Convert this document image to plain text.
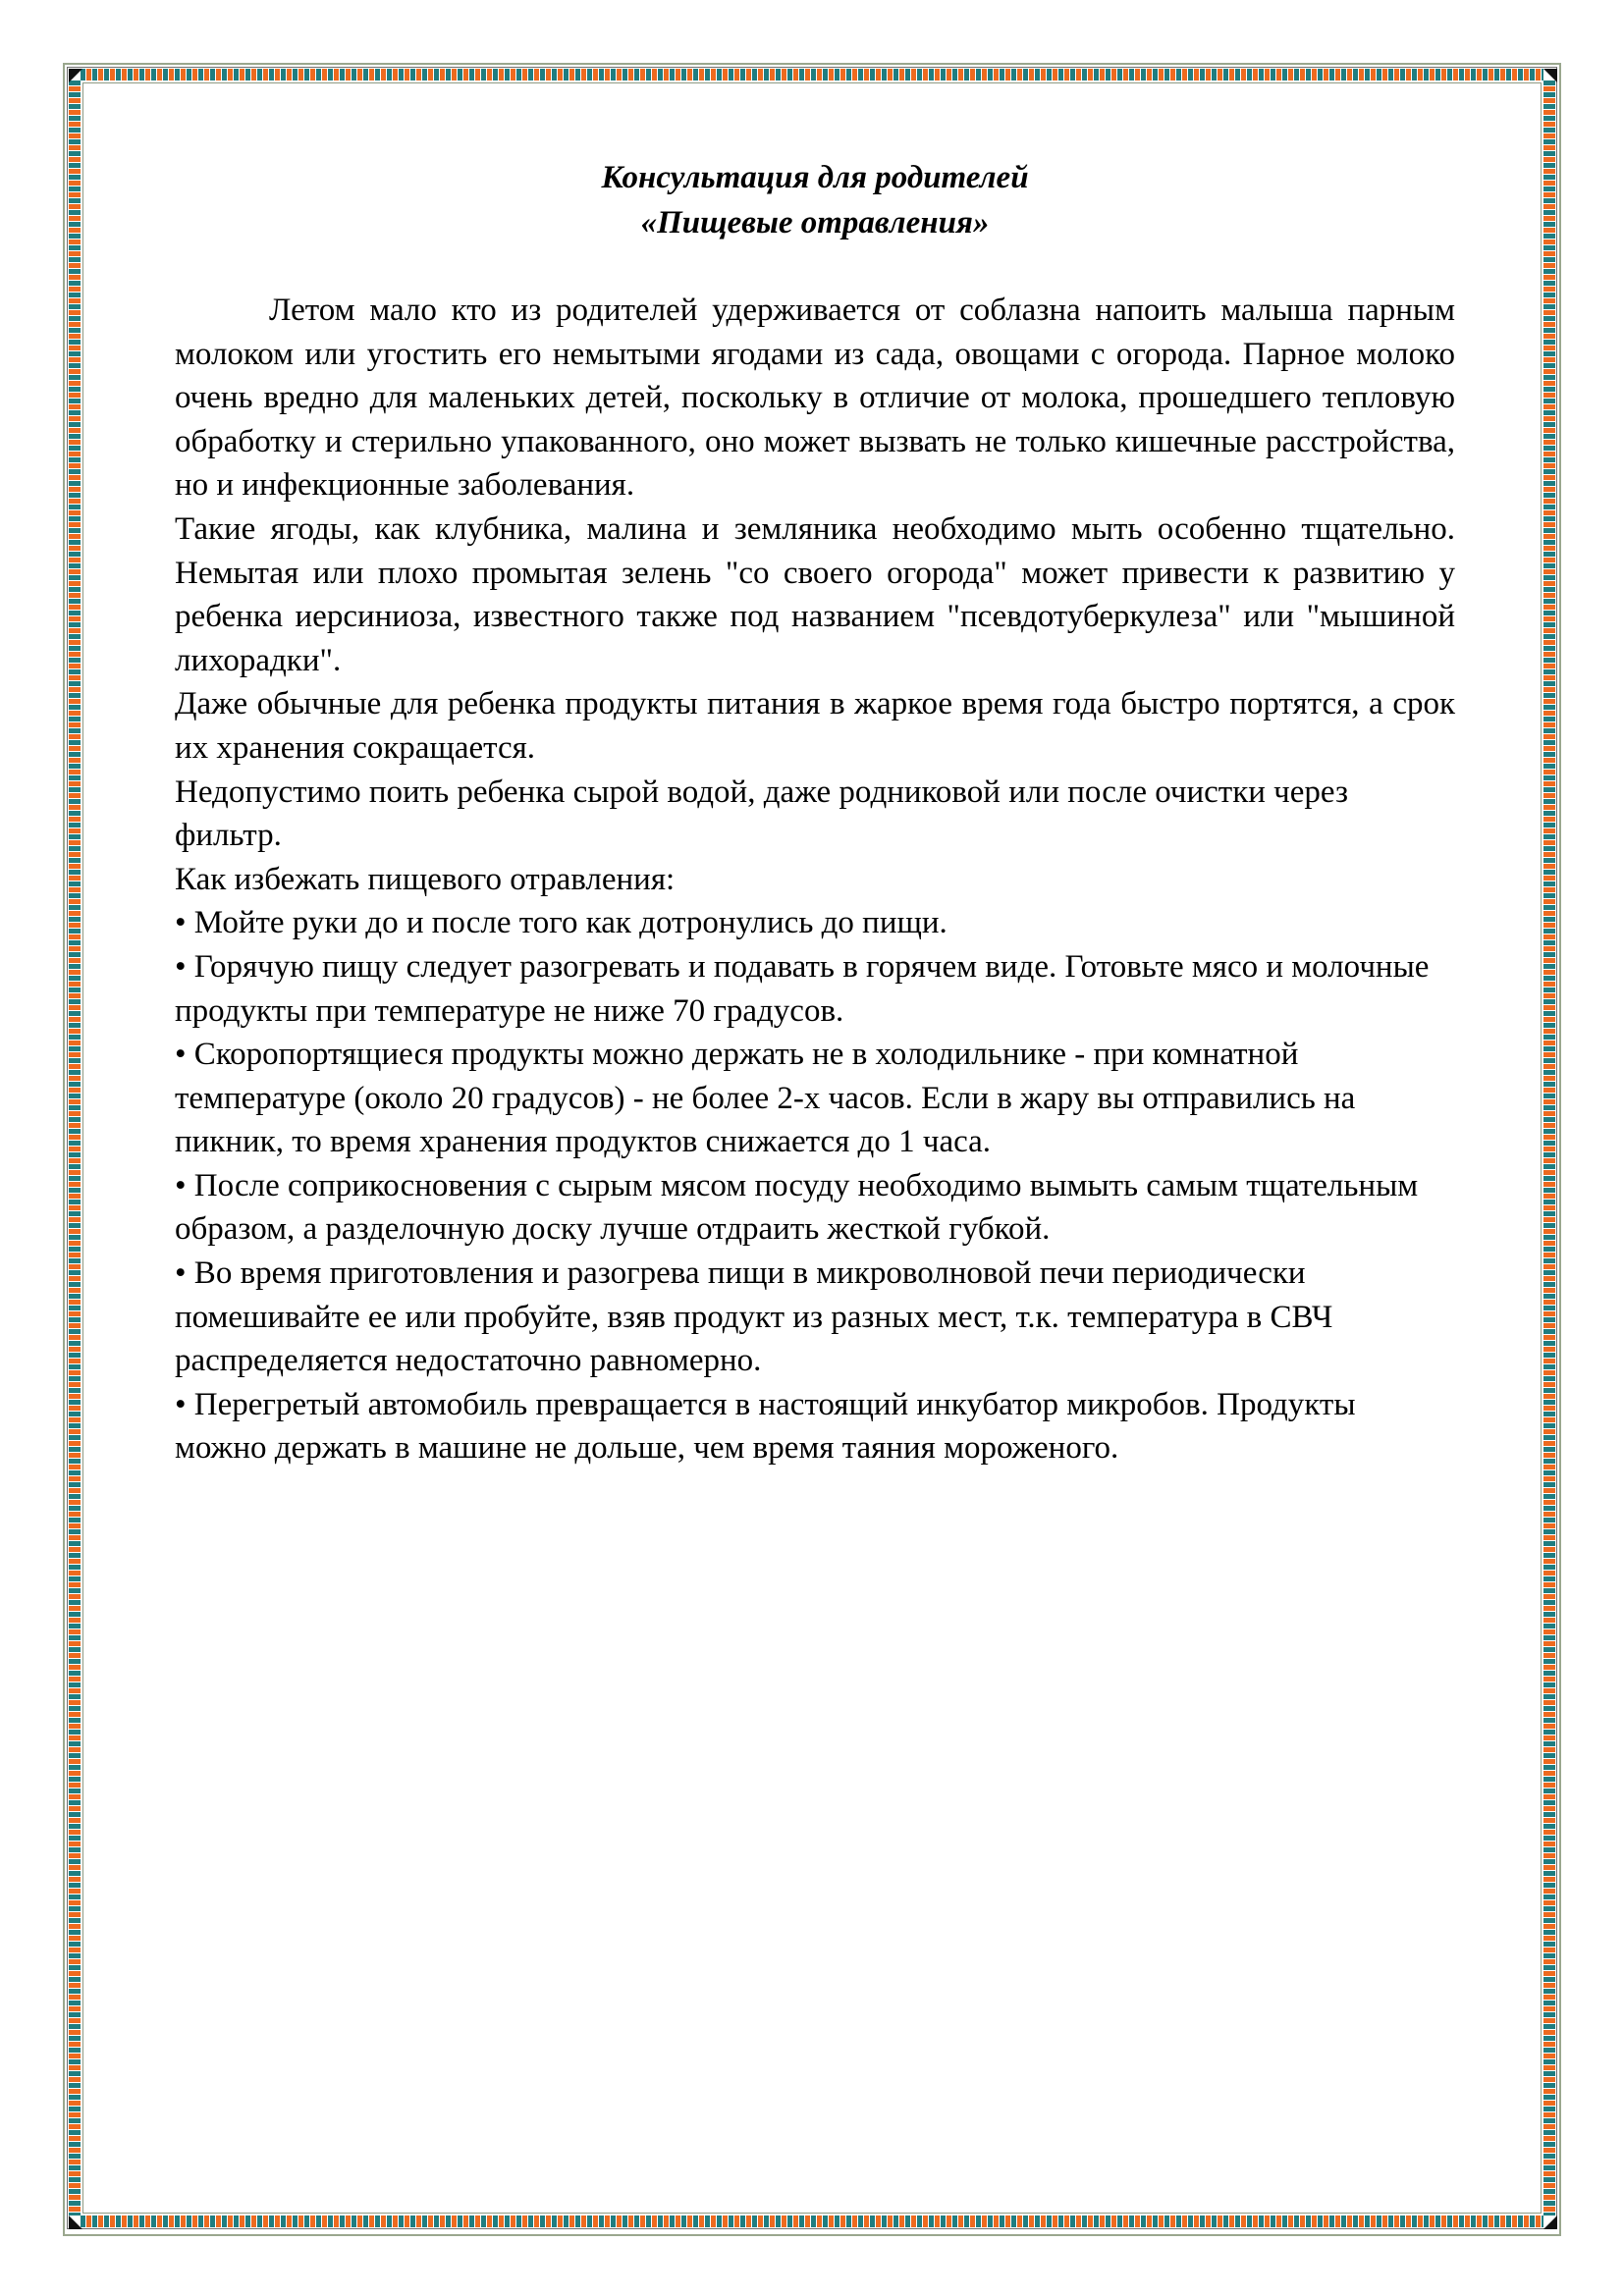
Консультация для родителей

«Пищевые отравления»

Летом мало кто из родителей удерживается от соблазна напоить малыша парным молоком или угостить его немытыми ягодами из сада, овощами с огорода. Парное молоко очень вредно для маленьких детей, поскольку в отличие от молока, прошедшего тепловую обработку и стерильно упакованного, оно может вызвать не только кишечные расстройства, но и инфекционные заболевания.

Такие ягоды, как клубника, малина и земляника необходимо мыть особенно тщательно. Немытая или плохо промытая зелень "со своего огорода" может привести к развитию у ребенка иерсиниоза, известного также под названием "псевдотуберкулеза" или "мышиной лихорадки".

Даже обычные для ребенка продукты питания в жаркое время года быстро портятся, а срок их хранения сокращается.

Недопустимо поить ребенка сырой водой, даже родниковой или после очистки через фильтр.

Как избежать пищевого отравления:

• Мойте руки до и после того как дотронулись до пищи.

• Горячую пищу следует разогревать и подавать в горячем виде. Готовьте мясо и молочные продукты при температуре не ниже 70 градусов.

• Скоропортящиеся продукты можно держать не в холодильнике - при комнатной температуре (около 20 градусов) - не более 2-х часов. Если в жару вы отправились на пикник, то время хранения продуктов снижается до 1 часа.

• После соприкосновения с сырым мясом посуду необходимо вымыть самым тщательным образом, а разделочную доску лучше отдраить жесткой губкой.

• Во время приготовления и разогрева пищи в микроволновой печи периодически помешивайте ее или пробуйте, взяв продукт из разных мест, т.к. температура в СВЧ распределяется недостаточно равномерно.

• Перегретый автомобиль превращается в настоящий инкубатор микробов. Продукты можно держать в машине не дольше, чем время таяния мороженого.
